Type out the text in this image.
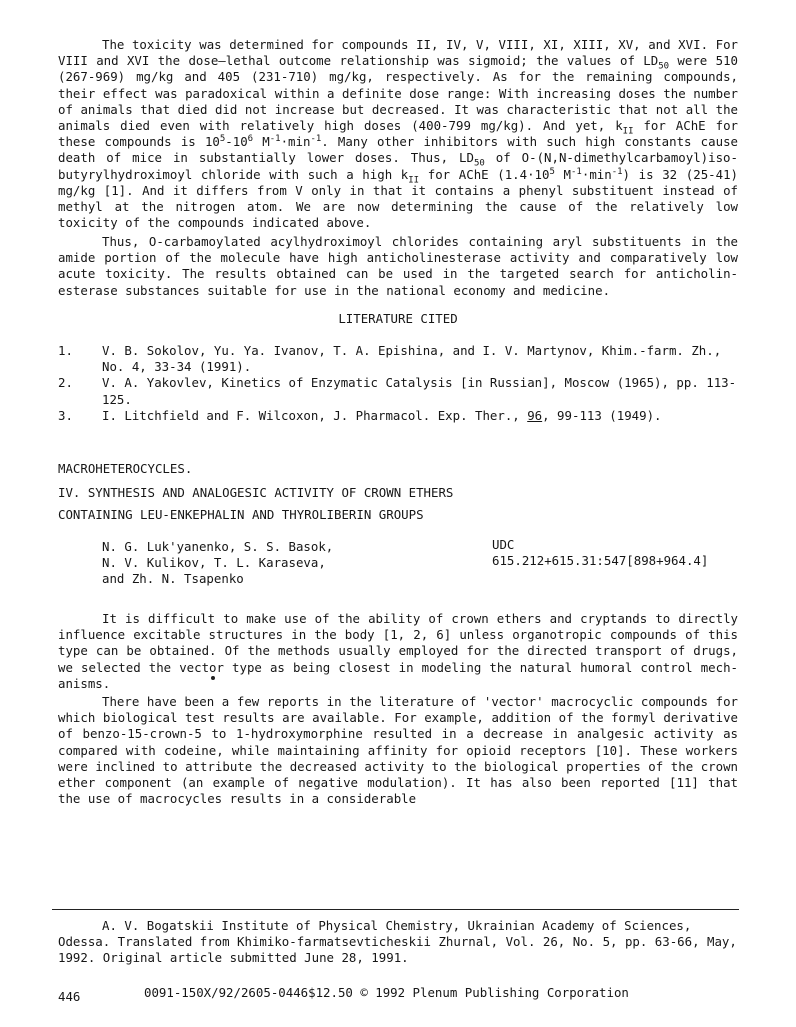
The toxicity was determined for compounds II, IV, V, VIII, XI, XIII, XV, and XVI. For VIII and XVI the dose—lethal outcome relationship was sigmoid; the values of $LD_{50}$ were 510 (267-969) mg/kg and 405 (231-710) mg/kg, respectively. As for the remaining compounds, their effect was paradoxical within a definite dose range: With increasing doses the number of animals that died did not increase but decreased. It was characteristic that not all the animals died even with relatively high doses (400-799 mg/kg). And yet, $k_{II}$ for AChE for these compounds is $10^5-10^6$ $M^{-1}\cdot\min^{-1}$. Many other inhibitors with such high constants cause death of mice in substantially lower doses. Thus, $LD_{50}$ of O-(N,N-dimethylcarbamoyl)iso-butyrylhydroximoyl chloride with such a high $k_{II}$ for AChE ($1.4\cdot 10^5$ $M^{-1}\cdot\min^{-1}$) is 32 (25-41) mg/kg [1]. And it differs from V only in that it contains a phenyl substituent instead of methyl at the nitrogen atom. We are now determining the cause of the relatively low toxicity of the compounds indicated above.

Thus, O-carbamoylated acylhydroximoyl chlorides containing aryl substituents in the amide portion of the molecule have high anticholinesterase activity and comparatively low acute toxicity. The results obtained can be used in the targeted search for anticholin-esterase substances suitable for use in the national economy and medicine.

LITERATURE CITED
1.	V. B. Sokolov, Yu. Ya. Ivanov, T. A. Epishina, and I. V. Martynov, Khim.-farm. Zh., No. 4, 33-34 (1991).
2.	V. A. Yakovlev, Kinetics of Enzymatic Catalysis [in Russian], Moscow (1965), pp. 113-125.
3.	I. Litchfield and F. Wilcoxon, J. Pharmacol. Exp. Ther., 96, 99-113 (1949).
MACROHETEROCYCLES.
IV. SYNTHESIS AND ANALOGESIC ACTIVITY OF CROWN ETHERS
CONTAINING LEU-ENKEPHALIN AND THYROLIBERIN GROUPS
N. G. Luk'yanenko, S. S. Basok,
N. V. Kulikov, T. L. Karaseva,
and Zh. N. Tsapenko
UDC 615.212+615.31:547[898+964.4]

It is difficult to make use of the ability of crown ethers and cryptands to directly influence excitable structures in the body [1, 2, 6] unless organotropic compounds of this type can be obtained. Of the methods usually employed for the directed transport of drugs, we selected the vector type as being closest in modeling the natural humoral control mech-anisms.

There have been a few reports in the literature of 'vector' macrocyclic compounds for which biological test results are available. For example, addition of the formyl derivative of benzo-15-crown-5 to 1-hydroxymorphine resulted in a decrease in analgesic activity as compared with codeine, while maintaining affinity for opioid receptors [10]. These workers were inclined to attribute the decreased activity to the biological properties of the crown ether component (an example of negative modulation). It has also been reported [11] that the use of macrocycles results in a considerable

A. V. Bogatskii Institute of Physical Chemistry, Ukrainian Academy of Sciences, Odessa. Translated from Khimiko-farmatsevticheskii Zhurnal, Vol. 26, No. 5, pp. 63-66, May, 1992. Original article submitted June 28, 1991.

446	0091-150X/92/2605-0446$12.50 © 1992 Plenum Publishing Corporation
